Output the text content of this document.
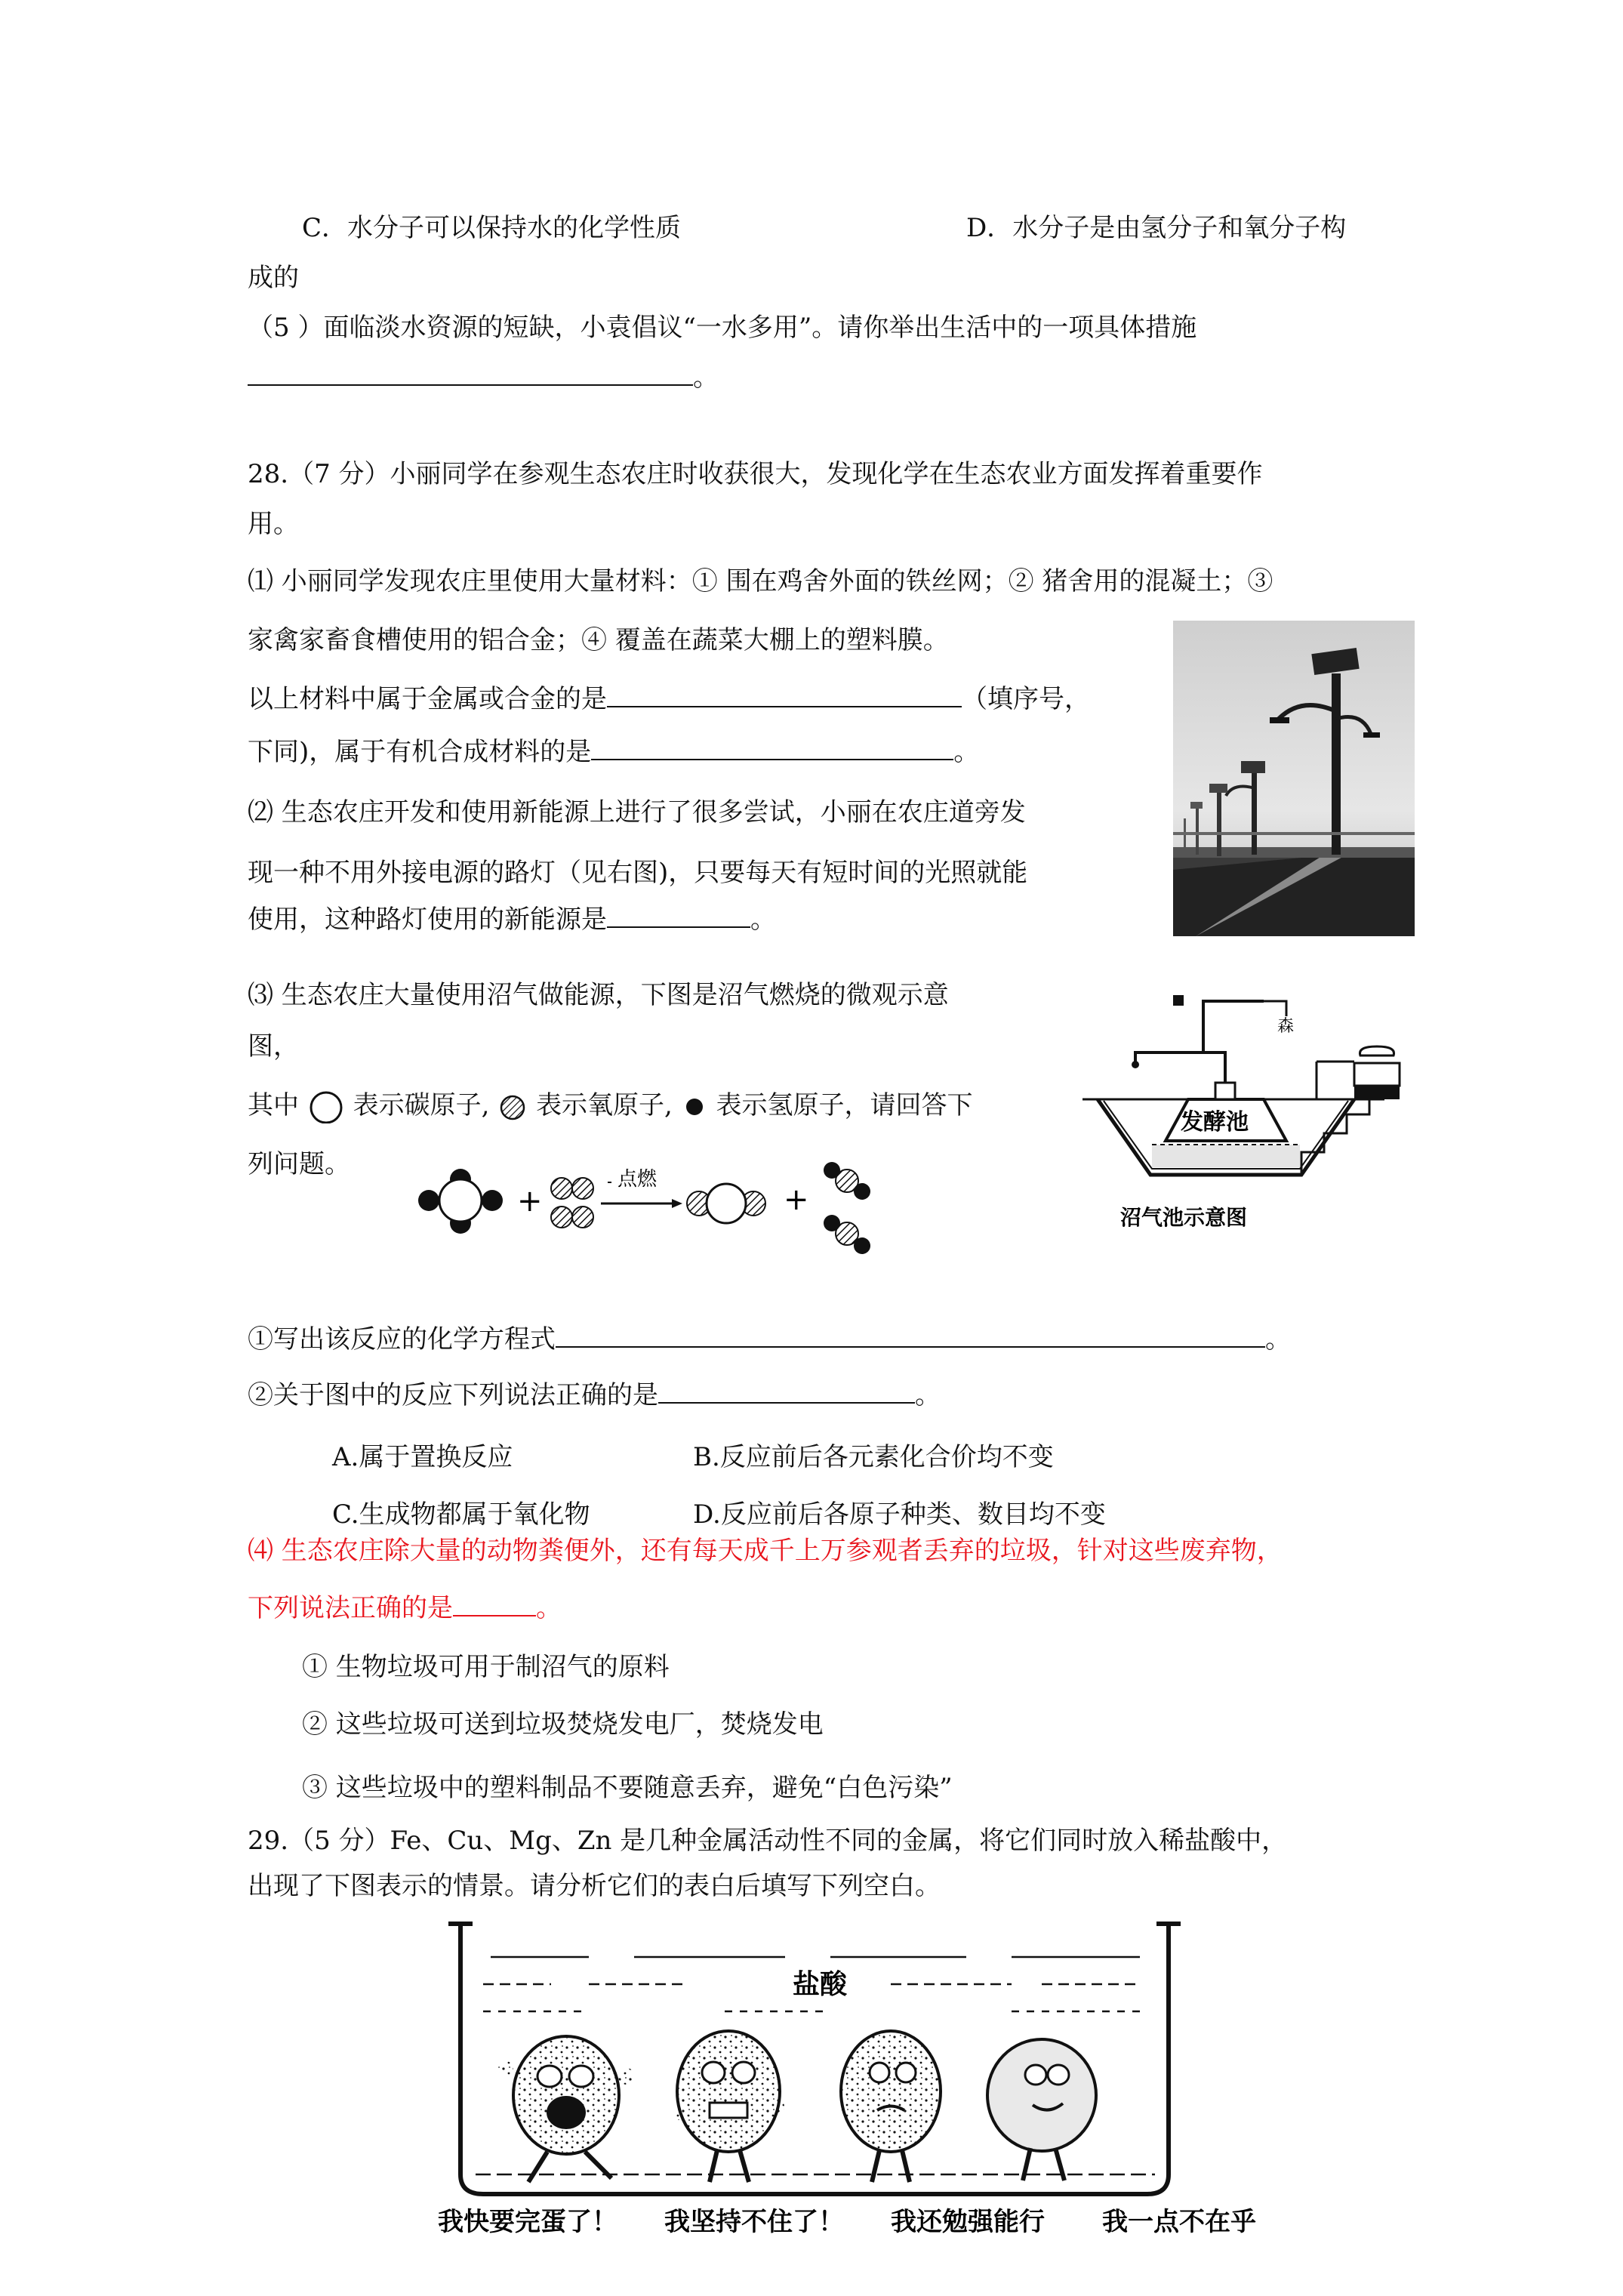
C．水分子可以保持水的化学性质	D．水分子是由氢分子和氧分子构
成的
（5 ）面临淡水资源的短缺，小袁倡议“一水多用”。请你举出生活中的一项具体措施
。
28.（7 分）小丽同学在参观生态农庄时收获很大，发现化学在生态农业方面发挥着重要作
用。
⑴ 小丽同学发现农庄里使用大量材料：① 围在鸡舍外面的铁丝网；② 猪舍用的混凝土；③
家禽家畜食槽使用的铝合金；④ 覆盖在蔬菜大棚上的塑料膜。
以上材料中属于金属或合金的是	（填序号，
下同)，属于有机合成材料的是	。
⑵ 生态农庄开发和使用新能源上进行了很多尝试，小丽在农庄道旁发
现一种不用外接电源的路灯（见右图)，只要每天有短时间的光照就能
使用，这种路灯使用的新能源是	。
⑶ 生态农庄大量使用沼气做能源，下图是沼气燃烧的微观示意
图，
其中 表示碳原子, 表示氧原子, 表示氢原子，请回答下
列问题。
+
点燃
+
发酵池
森
沼气池示意图
①写出该反应的化学方程式	。
②关于图中的反应下列说法正确的是	。
A.属于置换反应	B.反应前后各元素化合价均不变
C.生成物都属于氧化物	D.反应前后各原子种类、数目均不变
⑷ 生态农庄除大量的动物粪便外，还有每天成千上万参观者丢弃的垃圾，针对这些废弃物，
下列说法正确的是	。
① 生物垃圾可用于制沼气的原料
② 这些垃圾可送到垃圾焚烧发电厂，焚烧发电
③ 这些垃圾中的塑料制品不要随意丢弃，避免“白色污染”
29.（5 分）Fe、Cu、Mg、Zn 是几种金属活动性不同的金属，将它们同时放入稀盐酸中，
出现了下图表示的情景。请分析它们的表白后填写下列空白。
盐酸
我快要完蛋了！ 我坚持不住了！ 我还勉强能行 我一点不在乎
